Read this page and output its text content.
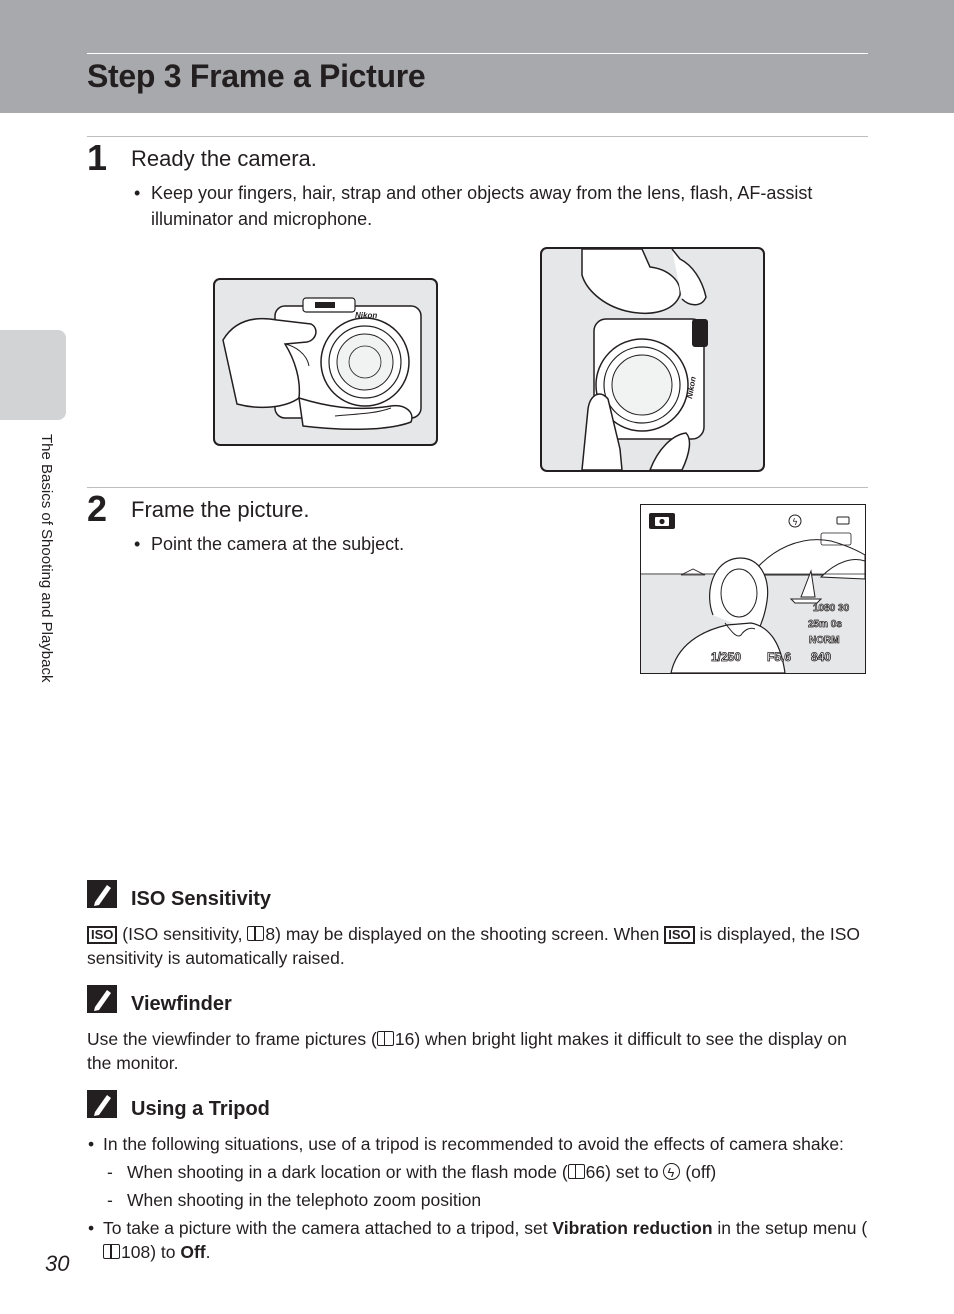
Step 3 Frame a Picture
The Basics of Shooting and Playback
1 Ready the camera.
• Keep your fingers, hair, strap and other objects away from the lens, flash, AF-assist illuminator and microphone.
Nikon
Nikon
2 Frame the picture.
• Point the camera at the subject.
ϟ
1080 30
25m 0s
NORM
1/250 F5.6 840
ISO Sensitivity
ISO (ISO sensitivity, 8) may be displayed on the shooting screen. When ISO is displayed, the ISO sensitivity is automatically raised.
Viewfinder
Use the viewfinder to frame pictures ( 16) when bright light makes it difficult to see the display on the monitor.
Using a Tripod
• In the following situations, use of a tripod is recommended to avoid the effects of camera shake:
- When shooting in a dark location or with the flash mode ( 66) set to ϟ (off)
- When shooting in the telephoto zoom position
• To take a picture with the camera attached to a tripod, set Vibration reduction in the setup menu (108) to Off.
30
